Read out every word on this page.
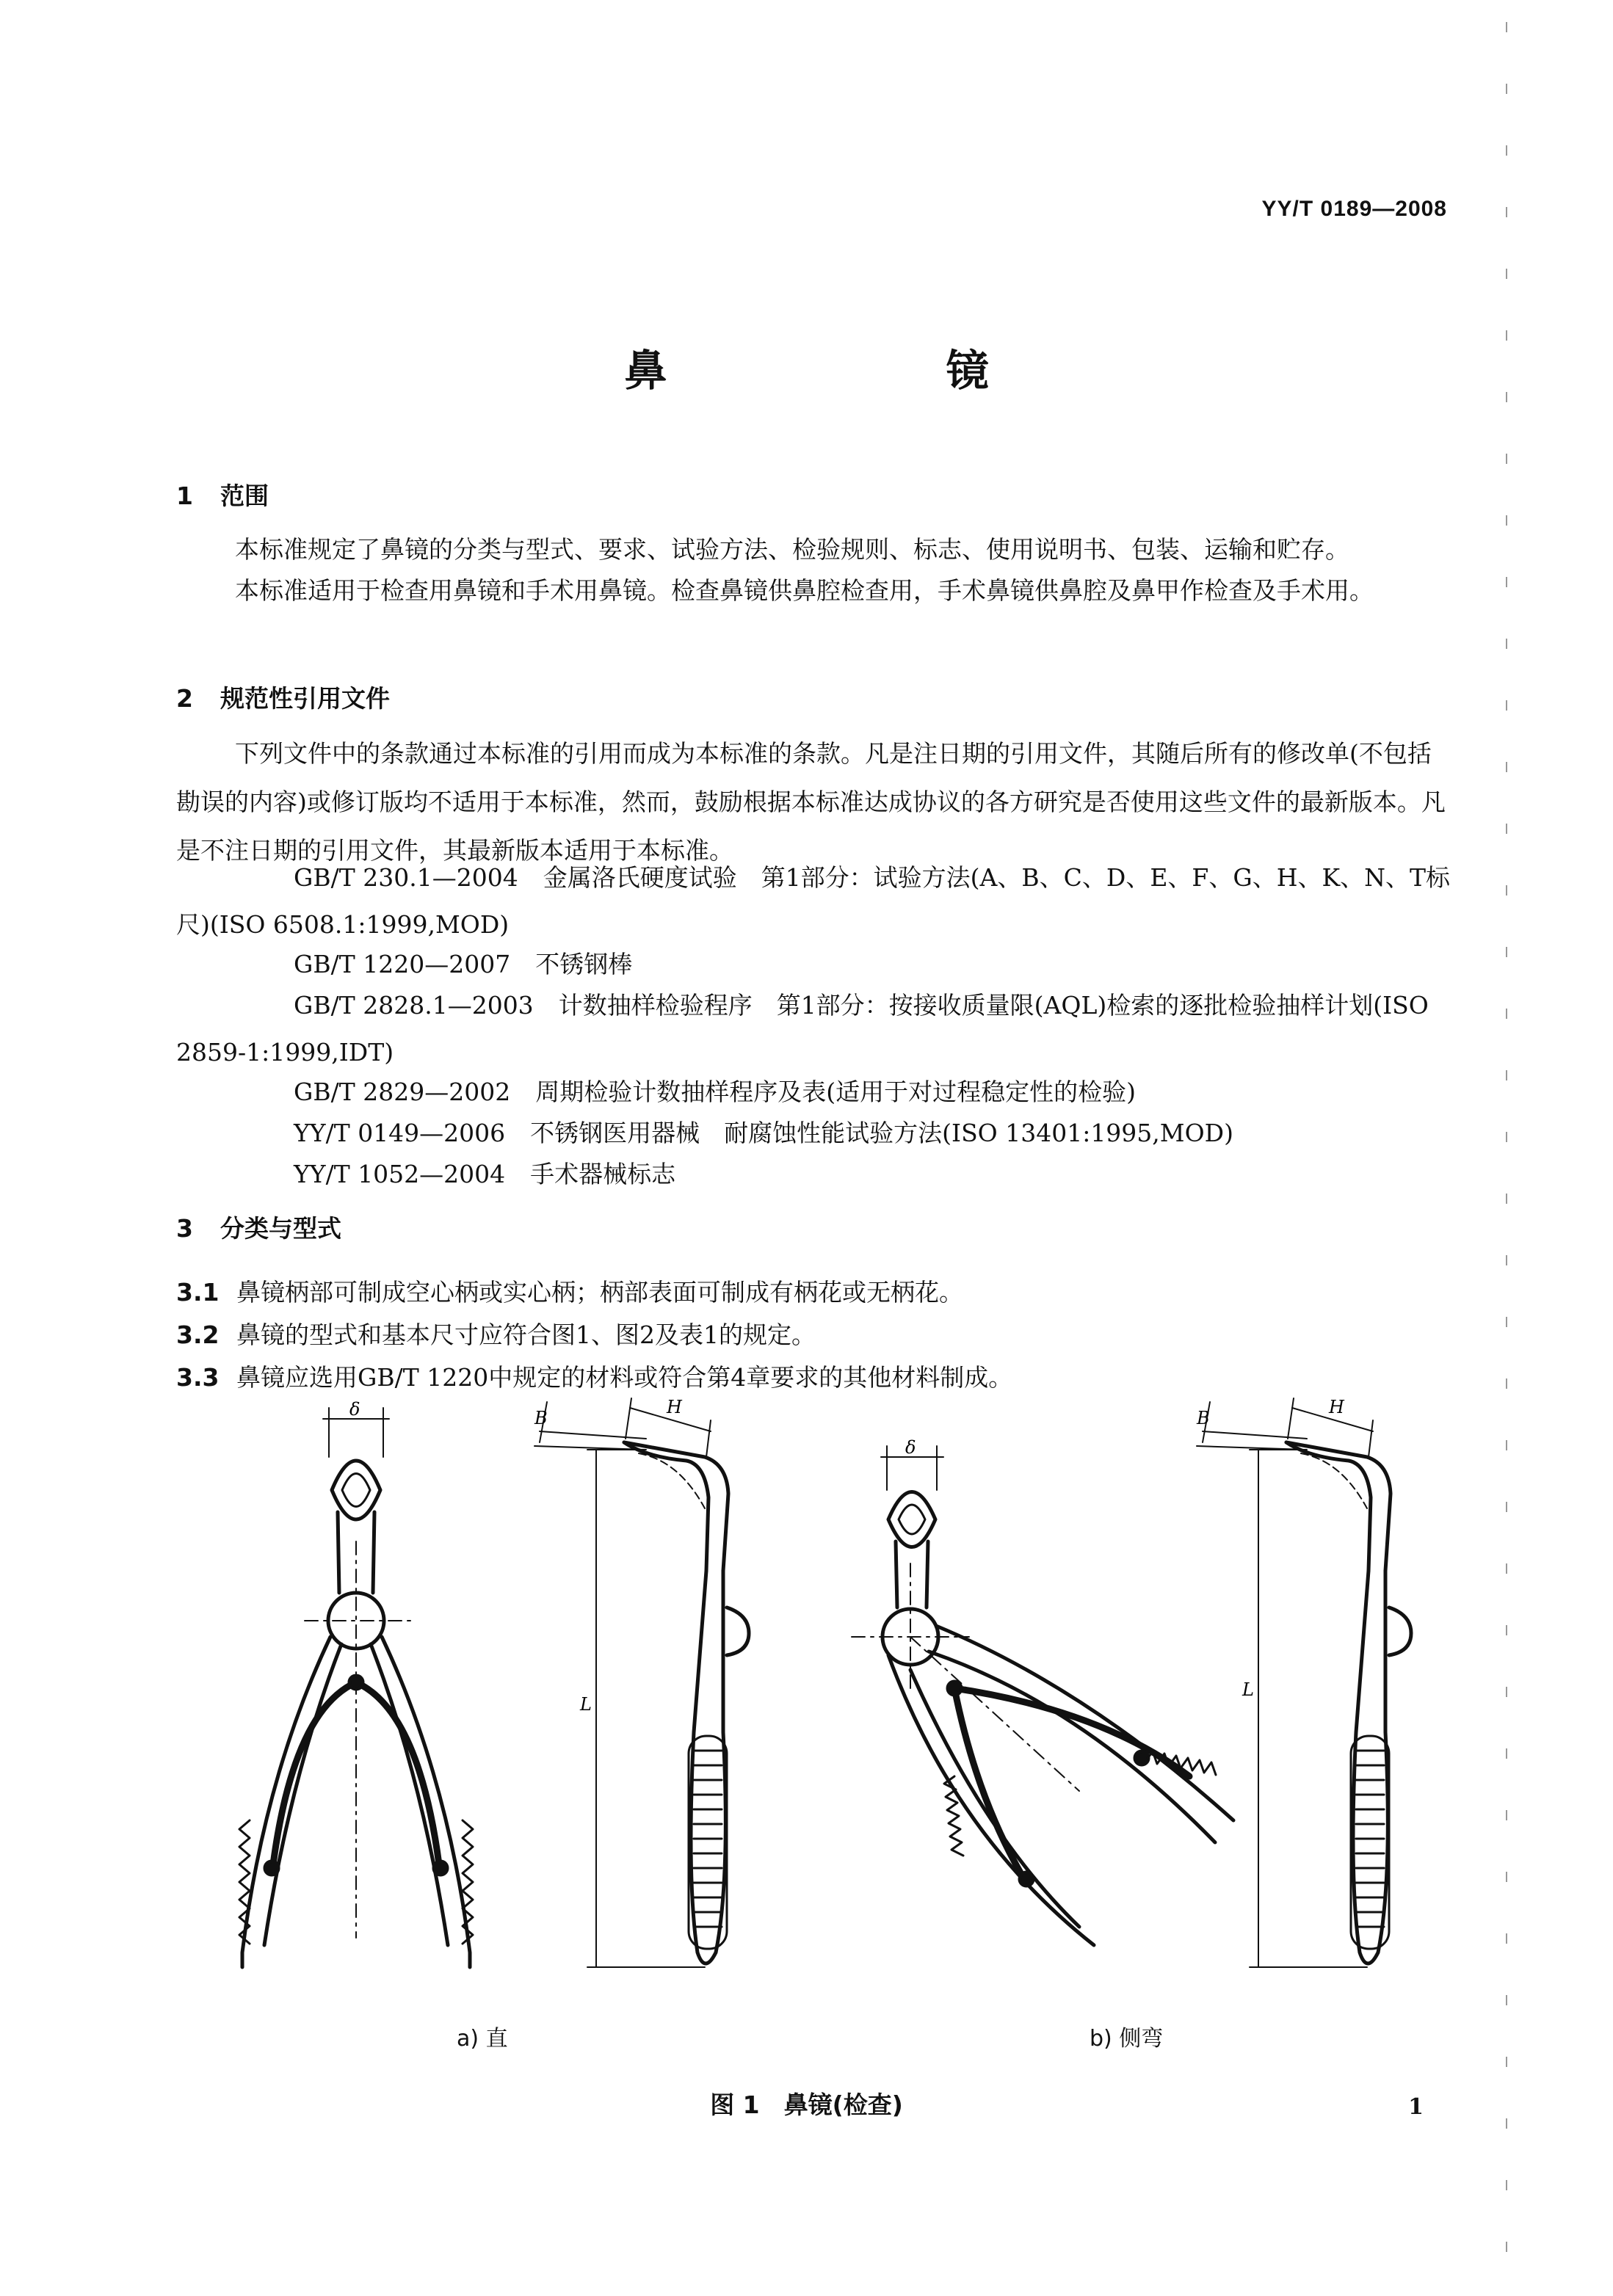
YY/T 0189—2008
鼻 镜
1 范围
本标准规定了鼻镜的分类与型式、要求、试验方法、检验规则、标志、使用说明书、包装、运输和贮存。
本标准适用于检查用鼻镜和手术用鼻镜。检查鼻镜供鼻腔检查用，手术鼻镜供鼻腔及鼻甲作检查及手术用。
2 规范性引用文件
下列文件中的条款通过本标准的引用而成为本标准的条款。凡是注日期的引用文件，其随后所有的修改单(不包括勘误的内容)或修订版均不适用于本标准，然而，鼓励根据本标准达成协议的各方研究是否使用这些文件的最新版本。凡是不注日期的引用文件，其最新版本适用于本标准。
GB/T 230.1—2004 金属洛氏硬度试验　第1部分：试验方法(A、B、C、D、E、F、G、H、K、N、T标尺)(ISO 6508.1:1999,MOD)
GB/T 1220—2007 不锈钢棒
GB/T 2828.1—2003 计数抽样检验程序　第1部分：按接收质量限(AQL)检索的逐批检验抽样计划(ISO 2859-1:1999,IDT)
GB/T 2829—2002 周期检验计数抽样程序及表(适用于对过程稳定性的检验)
YY/T 0149—2006 不锈钢医用器械　耐腐蚀性能试验方法(ISO 13401:1995,MOD)
YY/T 1052—2004 手术器械标志
3 分类与型式
3.1 鼻镜柄部可制成空心柄或实心柄；柄部表面可制成有柄花或无柄花。
3.2 鼻镜的型式和基本尺寸应符合图1、图2及表1的规定。
3.3 鼻镜应选用GB/T 1220中规定的材料或符合第4章要求的其他材料制成。
δ
δ
H	H
B	B
L
L
a) 直	b) 侧弯
图 1　鼻镜(检查)	1
